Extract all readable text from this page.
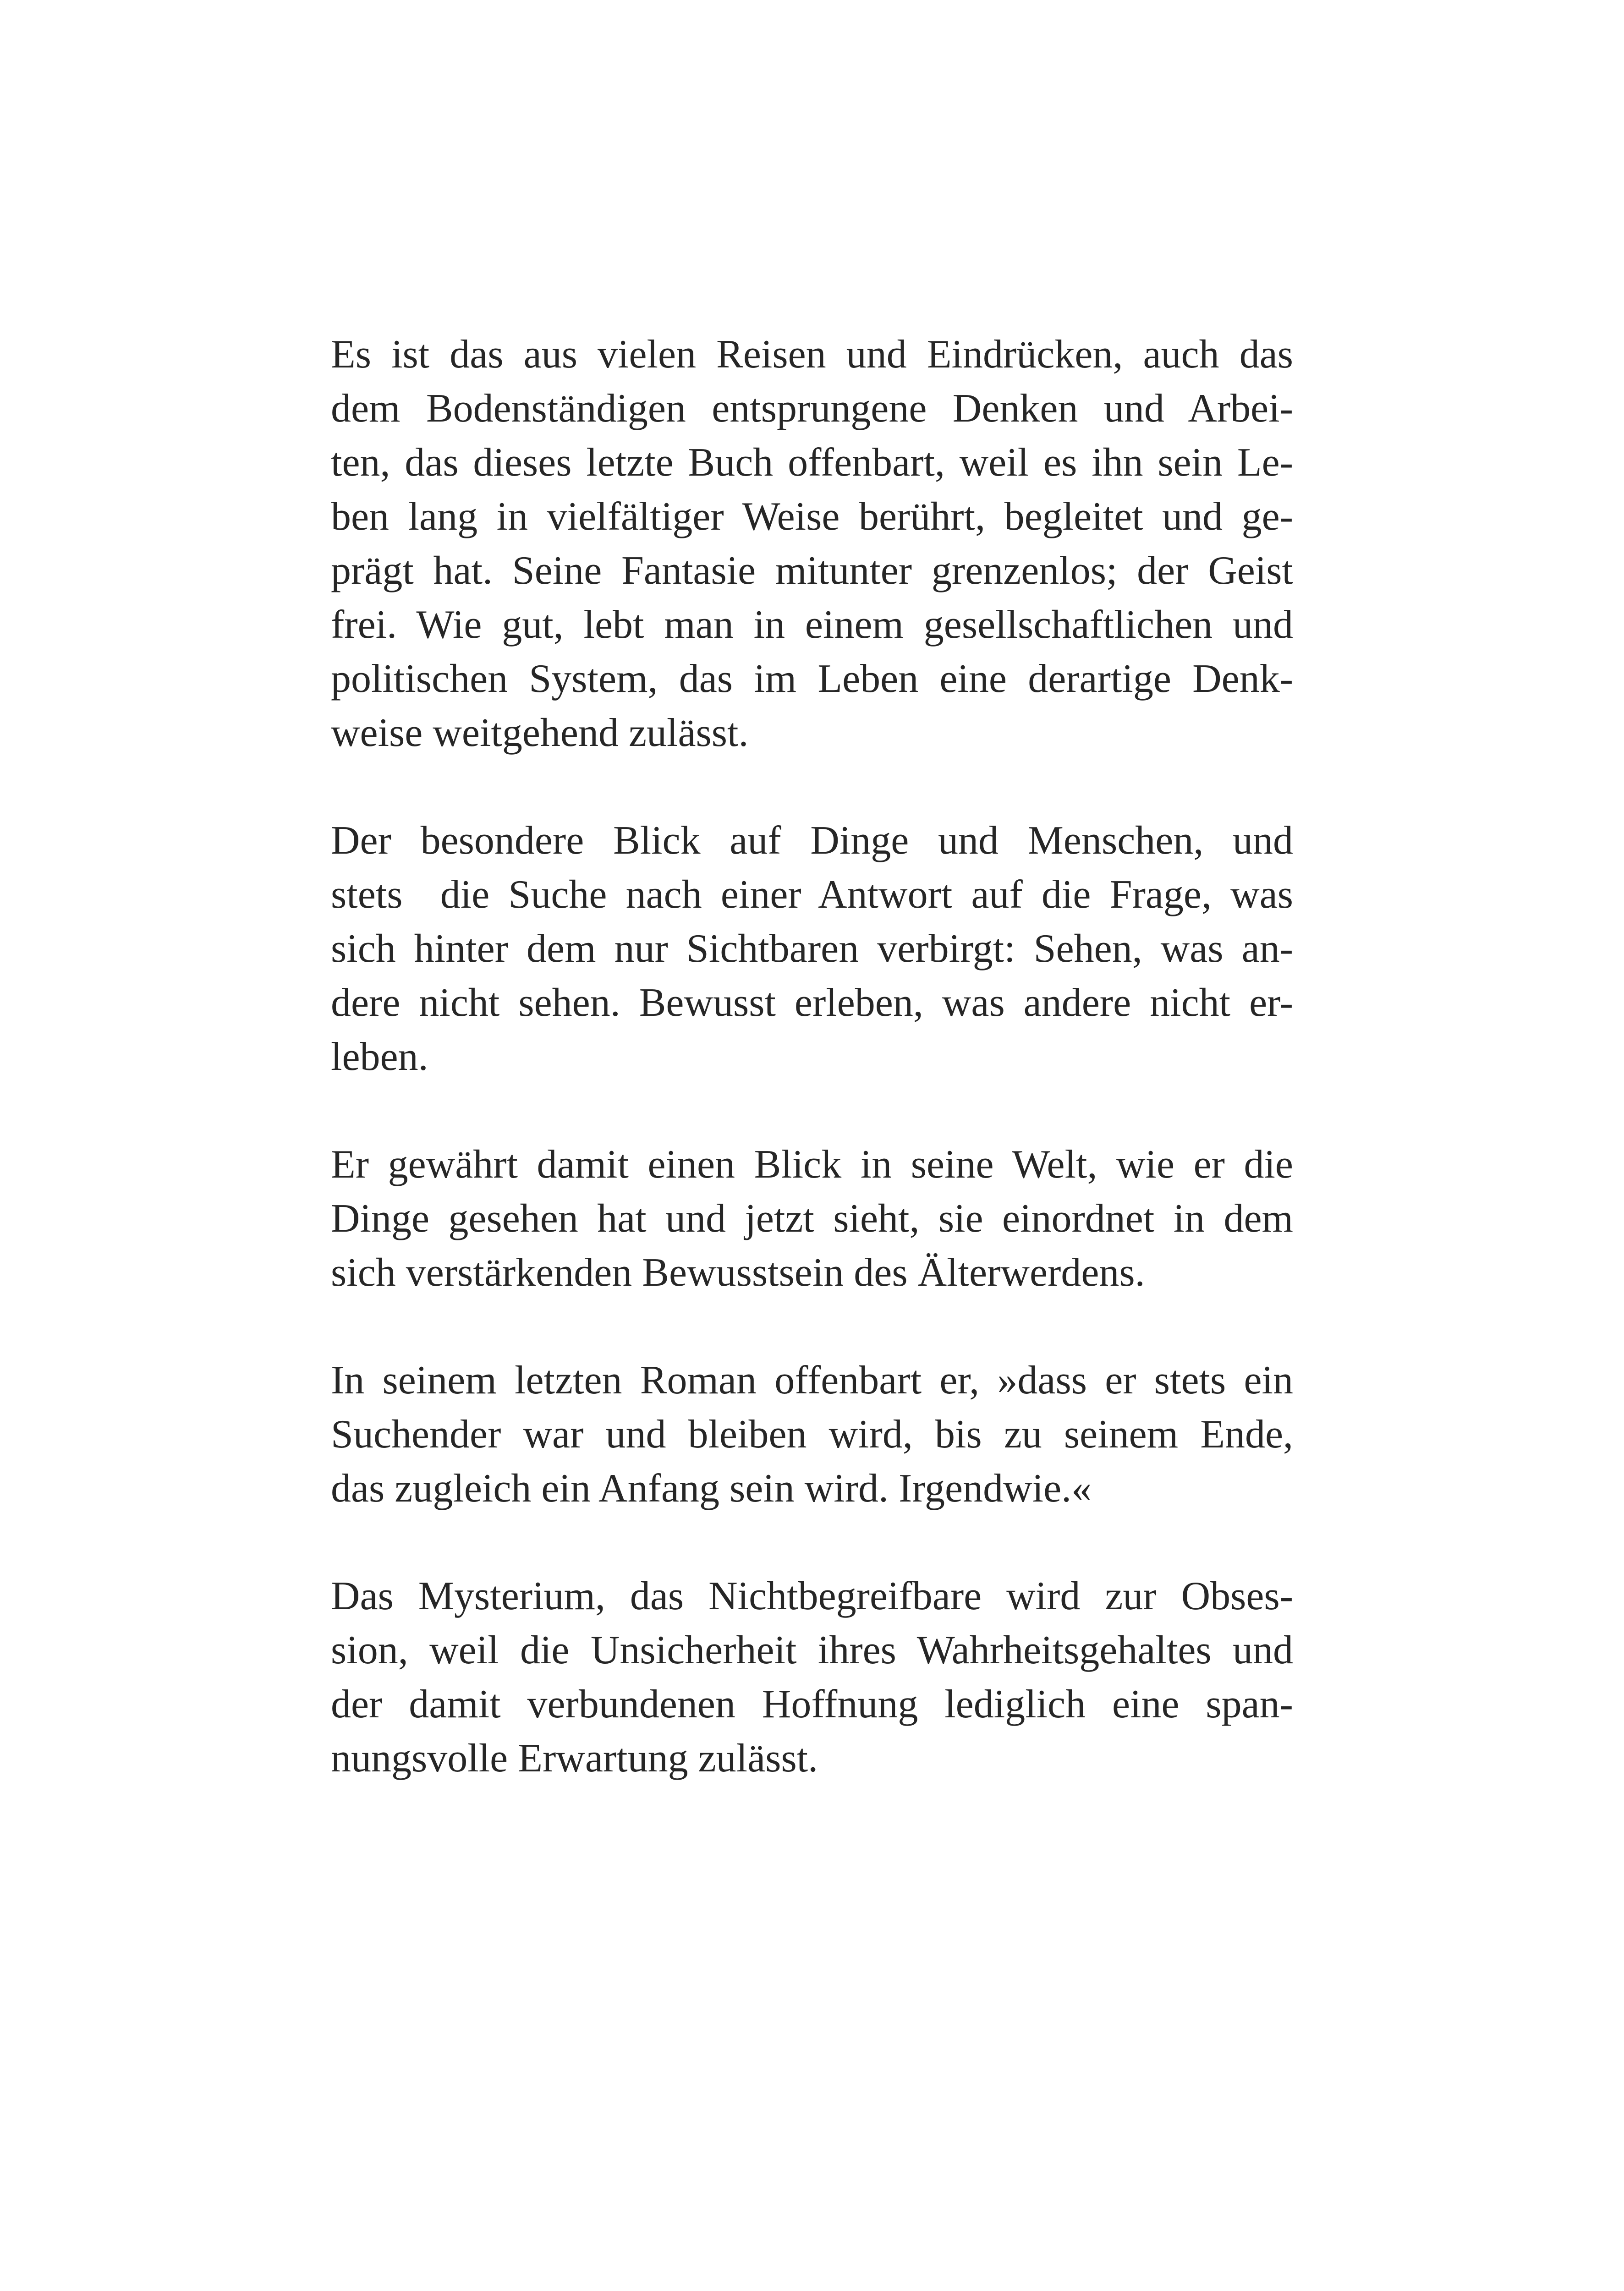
Es ist das aus vielen Reisen und Eindrücken, auch das
dem Bodenständigen entsprungene Denken und Arbei-
ten, das dieses letzte Buch offenbart, weil es ihn sein Le-
ben lang in vielfältiger Weise berührt, begleitet und ge-
prägt hat. Seine Fantasie mitunter grenzenlos; der Geist
frei. Wie gut, lebt man in einem gesellschaftlichen und
politischen System, das im Leben eine derartige Denk-
weise weitgehend zulässt.

Der besondere Blick auf Dinge und Menschen, und
stets  die Suche nach einer Antwort auf die Frage, was
sich hinter dem nur Sichtbaren verbirgt: Sehen, was an-
dere nicht sehen. Bewusst erleben, was andere nicht er-
leben.

Er gewährt damit einen Blick in seine Welt, wie er die
Dinge gesehen hat und jetzt sieht, sie einordnet in dem
sich verstärkenden Bewusstsein des Älterwerdens.

In seinem letzten Roman offenbart er, »dass er stets ein
Suchender war und bleiben wird, bis zu seinem Ende,
das zugleich ein Anfang sein wird. Irgendwie.«

Das Mysterium, das Nichtbegreifbare wird zur Obses-
sion, weil die Unsicherheit ihres Wahrheitsgehaltes und
der damit verbundenen Hoffnung lediglich eine span-
nungsvolle Erwartung zulässt.
